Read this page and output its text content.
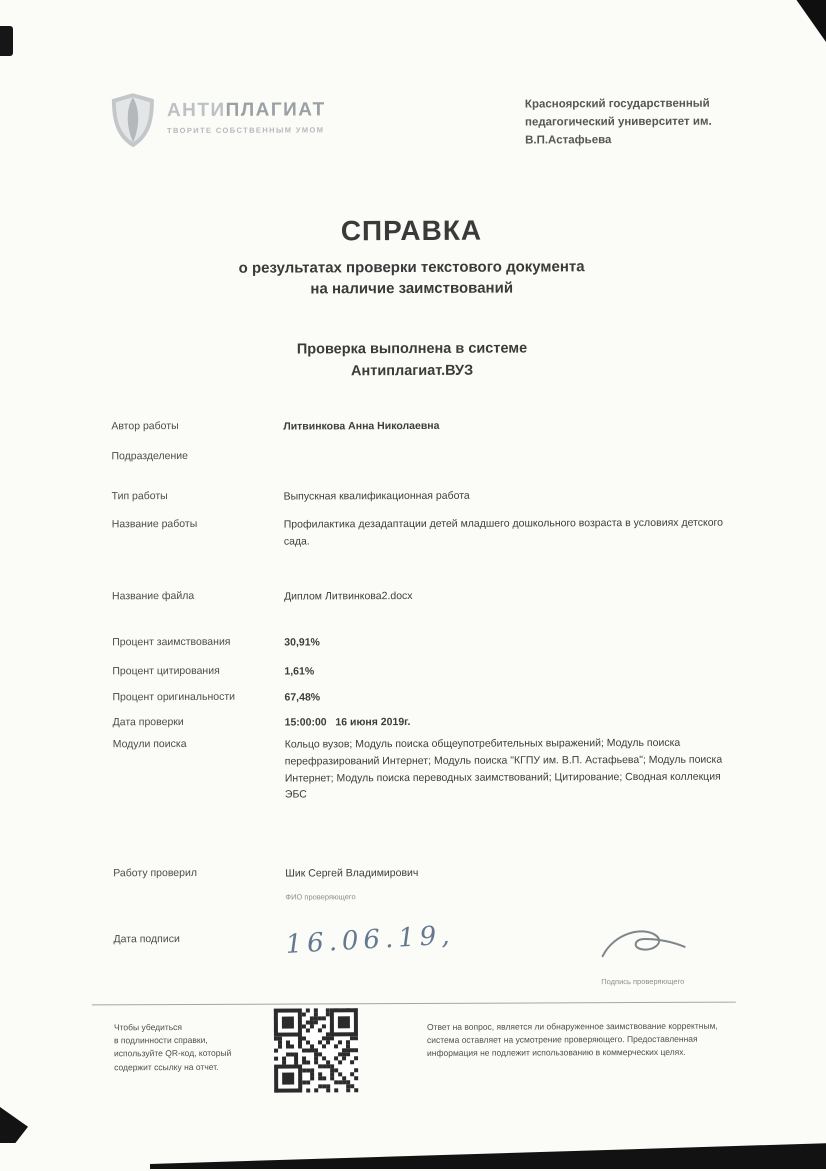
АНТИПЛАГИАТ
ТВОРИТЕ СОБСТВЕННЫМ УМОМ
Красноярский государственный
педагогический университет им.
В.П.Астафьева
СПРАВКА
о результатах проверки текстового документа
на наличие заимствований
Проверка выполнена в системе
Антиплагиат.ВУЗ
Автор работы	Литвинкова Анна Николаевна
Подразделение
Тип работы	Выпускная квалификационная работа
Название работы	Профилактика дезадаптации детей младшего дошкольного возраста в условиях детского сада.
Название файла	Диплом Литвинкова2.docx
Процент заимствования	30,91%
Процент цитирования	1,61%
Процент оригинальности	67,48%
Дата проверки	15:00:00   16 июня 2019г.
Модули поиска	Кольцо вузов; Модуль поиска общеупотребительных выражений; Модуль поиска перефразирований Интернет; Модуль поиска "КГПУ им. В.П. Астафьева"; Модуль поиска Интернет; Модуль поиска переводных заимствований; Цитирование; Сводная коллекция ЭБС
Работу проверил	Шик Сергей Владимирович
ФИО проверяющего
Дата подписи	16.06.19,
Подпись проверяющего
Чтобы убедиться
в подлинности справки,
используйте QR-код, который
содержит ссылку на отчет.
Ответ на вопрос, является ли обнаруженное заимствование корректным, система оставляет на усмотрение проверяющего. Предоставленная информация не подлежит использованию в коммерческих целях.
